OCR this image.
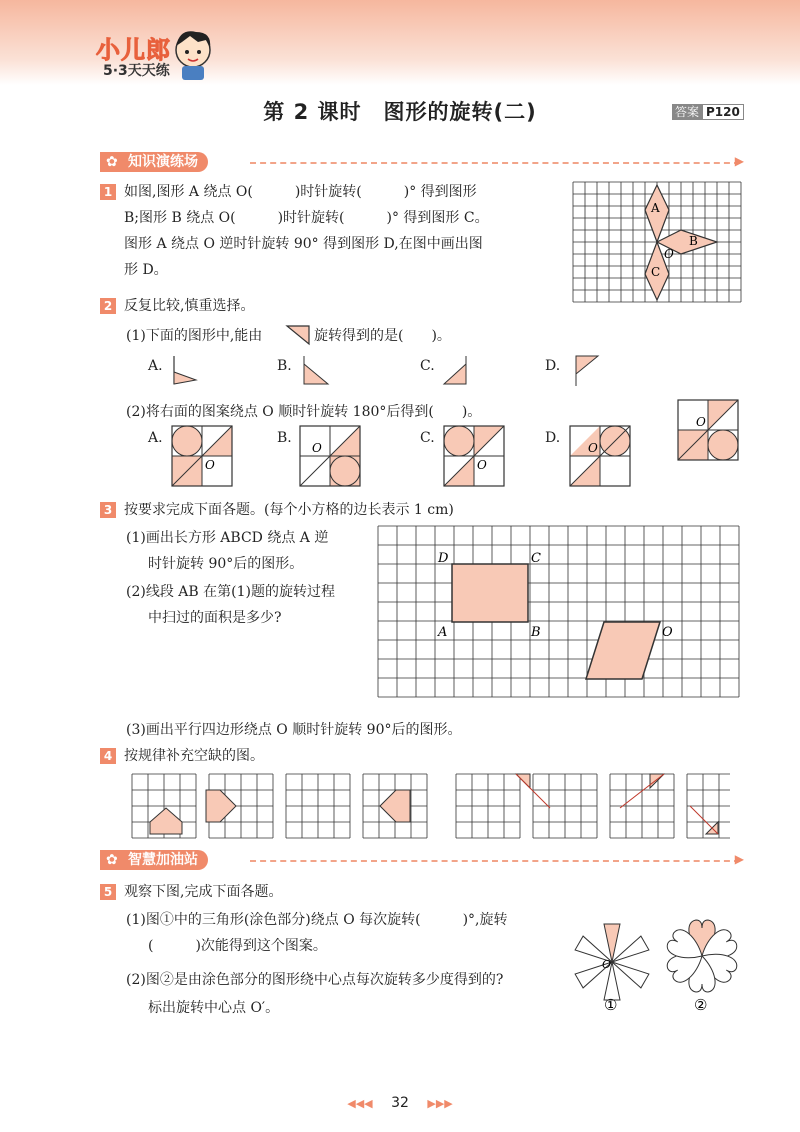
小儿郎
5·3天天练
第 2 课时　图形的旋转(二)	答案 P120
✿ 知识演练场	▶
1 如图,图形 A 绕点 O(　　　)时针旋转(　　　)° 得到图形
B;图形 B 绕点 O(　　　)时针旋转(　　　)° 得到图形 C。
图形 A 绕点 O 逆时针旋转 90° 得到图形 D,在图中画出图
形 D。
A
B
C
O
2 反复比较,慎重选择。
(1)下面的图形中,能由	旋转得到的是(　　)。
A.	B.	C.	D.
(2)将右面的图案绕点 O 顺时针旋转 180°后得到(　　)。
O
A.
O
B.
O
C.
O
D.
O
3 按要求完成下面各题。(每个小方格的边长表示 1 cm)
(1)画出长方形 ABCD 绕点 A 逆
时针旋转 90°后的图形。
(2)线段 AB 在第(1)题的旋转过程
中扫过的面积是多少?
D	C
A	B	O
(3)画出平行四边形绕点 O 顺时针旋转 90°后的图形。
4 按规律补充空缺的图。
✿ 智慧加油站	▶
5 观察下图,完成下面各题。
(1)图①中的三角形(涂色部分)绕点 O 每次旋转(　　　)°,旋转
(　　　)次能得到这个图案。
(2)图②是由涂色部分的图形绕中心点每次旋转多少度得到的?
标出旋转中心点 O′。
O
①	②
◀◀◀ 32 ▶▶▶
